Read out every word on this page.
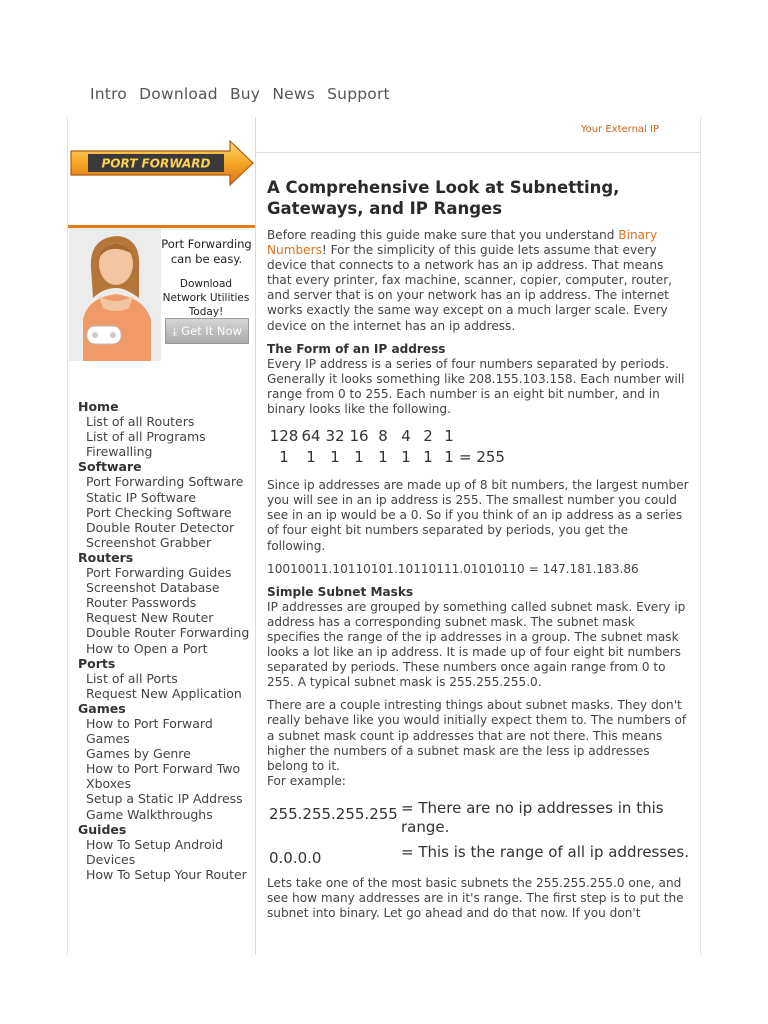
Intro Download Buy News Support
PORT FORWARD
Port Forwarding can be easy.
Download Network Utilities Today!
⤓ Get It Now
Home
List of all Routers
List of all Programs
Firewalling
Software
Port Forwarding Software
Static IP Software
Port Checking Software
Double Router Detector
Screenshot Grabber
Routers
Port Forwarding Guides
Screenshot Database
Router Passwords
Request New Router
Double Router Forwarding
How to Open a Port
Ports
List of all Ports
Request New Application
Games
How to Port Forward Games
Games by Genre
How to Port Forward Two Xboxes
Setup a Static IP Address
Game Walkthroughs
Guides
How To Setup Android Devices
How To Setup Your Router
Your External IP
A Comprehensive Look at Subnetting, Gateways, and IP Ranges

Before reading this guide make sure that you understand Binary Numbers! For the simplicity of this guide lets assume that every device that connects to a network has an ip address. That means that every printer, fax machine, scanner, copier, computer, router, and server that is on your network has an ip address. The internet works exactly the same way except on a much larger scale. Every device on the internet has an ip address.

The Form of an IP address
Every IP address is a series of four numbers separated by periods. Generally it looks something like 208.155.103.158. Each number will range from 0 to 255. Each number is an eight bit number, and in binary looks like the following.

128 64 32 16 8 4 2 1
1	1 1 1 1 1 1 1 = 255

Since ip addresses are made up of 8 bit numbers, the largest number you will see in an ip address is 255. The smallest number you could see in an ip would be a 0. So if you think of an ip address as a series of four eight bit numbers separated by periods, you get the following.

10010011.10110101.10110111.01010110 = 147.181.183.86

Simple Subnet Masks
IP addresses are grouped by something called subnet mask. Every ip address has a corresponding subnet mask. The subnet mask specifies the range of the ip addresses in a group. The subnet mask looks a lot like an ip address. It is made up of four eight bit numbers separated by periods. These numbers once again range from 0 to 255. A typical subnet mask is 255.255.255.0.

There are a couple intresting things about subnet masks. They don't really behave like you would initially expect them to. The numbers of a subnet mask count ip addresses that are not there. This means higher the numbers of a subnet mask are the less ip addresses belong to it.
For example:

255.255.255.255 = There are no ip addresses in this range.
0.0.0.0	= This is the range of all ip addresses.

Lets take one of the most basic subnets the 255.255.255.0 one, and see how many addresses are in it's range. The first step is to put the subnet into binary. Let go ahead and do that now. If you don't
